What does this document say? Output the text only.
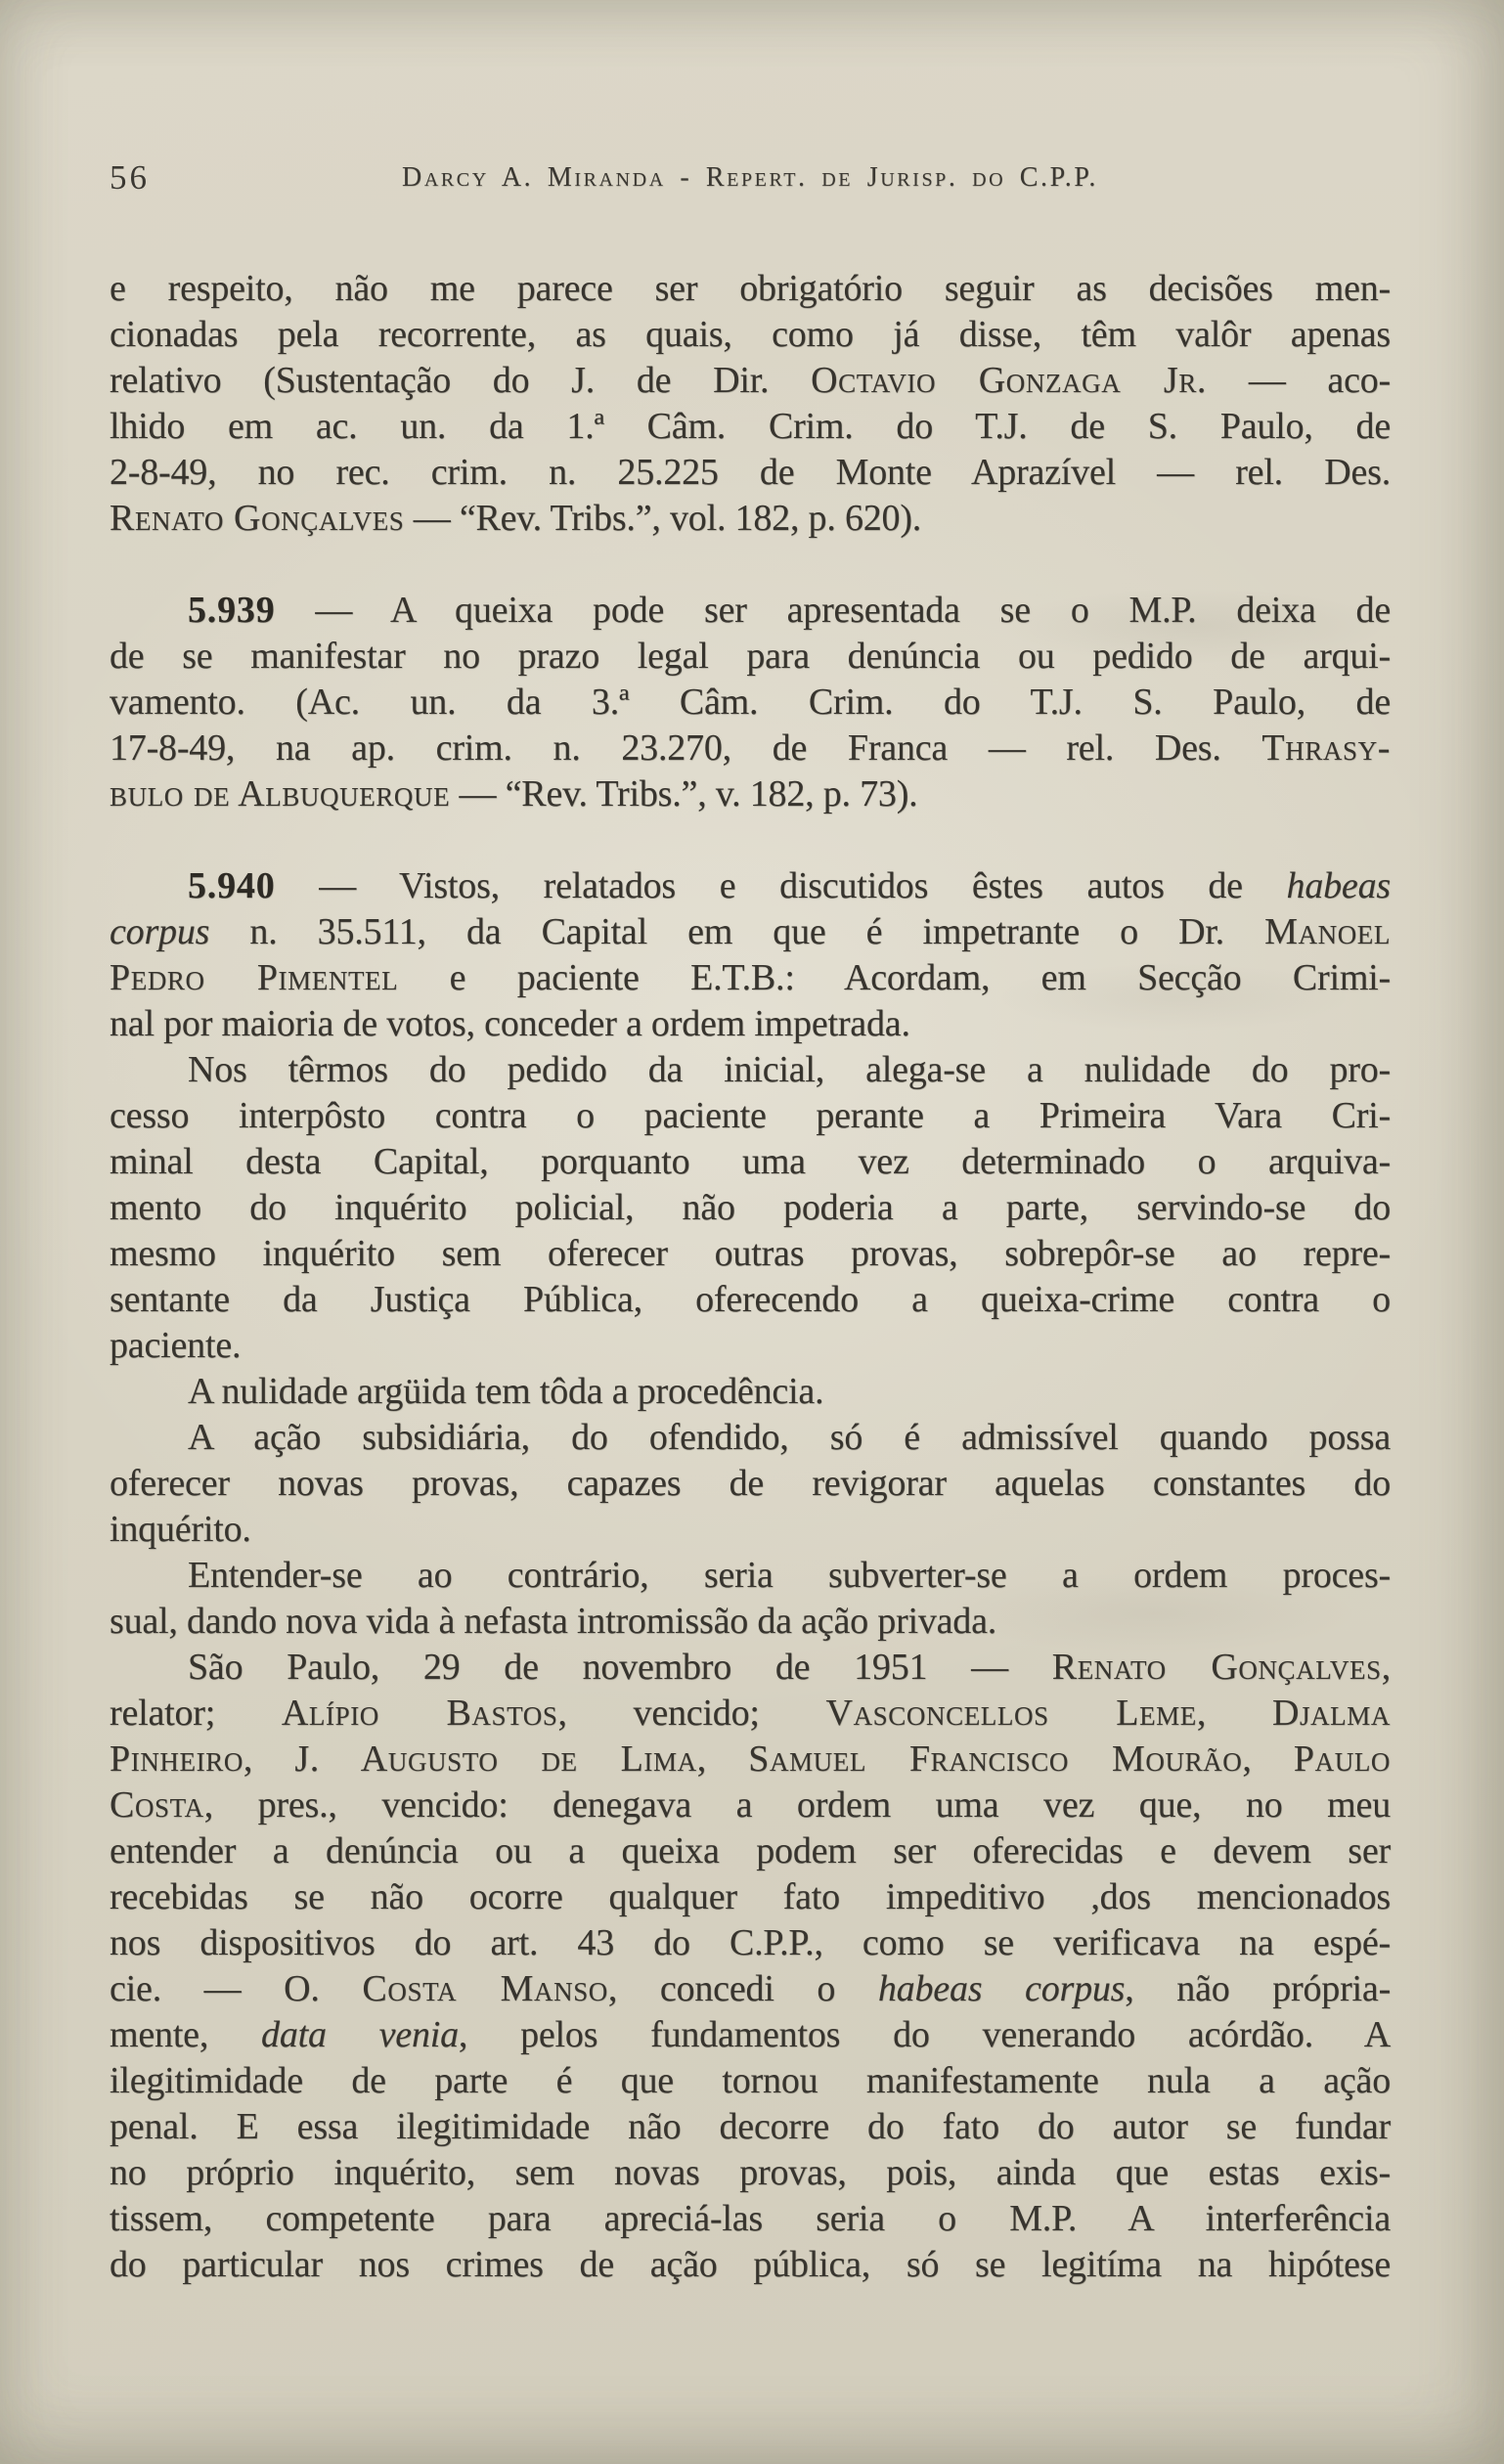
56	Darcy A. Miranda - Repert. de Jurisp. do C.P.P.
e respeito, não me parece ser obrigatório seguir as decisões men-
cionadas pela recorrente, as quais, como já disse, têm valôr apenas
relativo (Sustentação do J. de Dir. Octavio Gonzaga Jr. — aco-
lhido em ac. un. da 1.ª Câm. Crim. do T.J. de S. Paulo, de
2-8-49, no rec. crim. n. 25.225 de Monte Aprazível — rel. Des.
Renato Gonçalves — “Rev. Tribs.”, vol. 182, p. 620).
5.939 — A queixa pode ser apresentada se o M.P. deixa de
de se manifestar no prazo legal para denúncia ou pedido de arqui-
vamento. (Ac. un. da 3.ª Câm. Crim. do T.J. S. Paulo, de
17-8-49, na ap. crim. n. 23.270, de Franca — rel. Des. Thrasy-
bulo de Albuquerque — “Rev. Tribs.”, v. 182, p. 73).
5.940 — Vistos, relatados e discutidos êstes autos de habeas
corpus n. 35.511, da Capital em que é impetrante o Dr. Manoel
Pedro Pimentel e paciente E.T.B.: Acordam, em Secção Crimi-
nal por maioria de votos, conceder a ordem impetrada.
Nos têrmos do pedido da inicial, alega-se a nulidade do pro-
cesso interpôsto contra o paciente perante a Primeira Vara Cri-
minal desta Capital, porquanto uma vez determinado o arquiva-
mento do inquérito policial, não poderia a parte, servindo-se do
mesmo inquérito sem oferecer outras provas, sobrepôr-se ao repre-
sentante da Justiça Pública, oferecendo a queixa-crime contra o
paciente.
A nulidade argüida tem tôda a procedência.
A ação subsidiária, do ofendido, só é admissível quando possa
oferecer novas provas, capazes de revigorar aquelas constantes do
inquérito.
Entender-se ao contrário, seria subverter-se a ordem proces-
sual, dando nova vida à nefasta intromissão da ação privada.
São Paulo, 29 de novembro de 1951 — Renato Gonçalves,
relator; Alípio Bastos, vencido; Vasconcellos Leme, Djalma
Pinheiro, J. Augusto de Lima, Samuel Francisco Mourão, Paulo
Costa, pres., vencido: denegava a ordem uma vez que, no meu
entender a denúncia ou a queixa podem ser oferecidas e devem ser
recebidas se não ocorre qualquer fato impeditivo ,dos mencionados
nos dispositivos do art. 43 do C.P.P., como se verificava na espé-
cie. — O. Costa Manso, concedi o habeas corpus, não própria-
mente, data venia, pelos fundamentos do venerando acórdão. A
ilegitimidade de parte é que tornou manifestamente nula a ação
penal. E essa ilegitimidade não decorre do fato do autor se fundar
no próprio inquérito, sem novas provas, pois, ainda que estas exis-
tissem, competente para apreciá-las seria o M.P. A interferência
do particular nos crimes de ação pública, só se legitíma na hipótese
